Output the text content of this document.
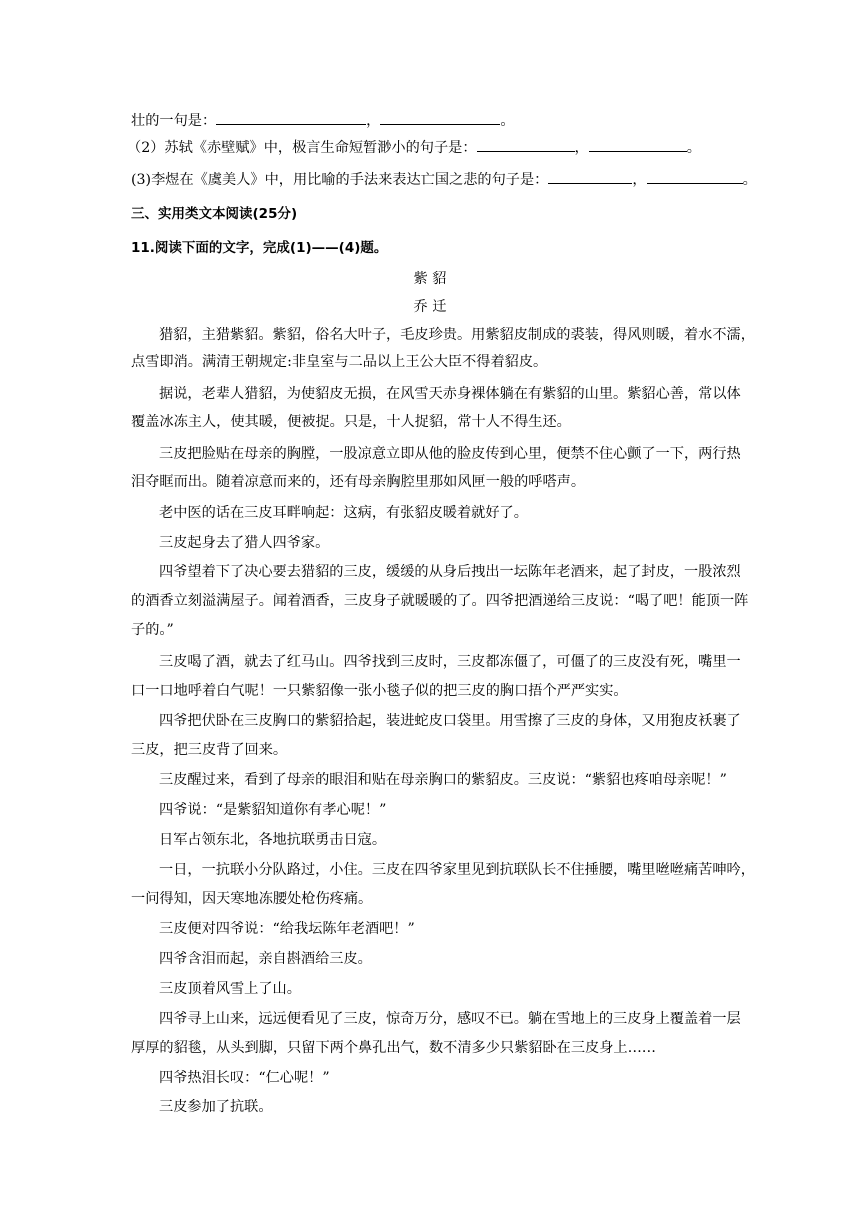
壮的一句是：	，	。
（2）苏轼《赤壁赋》中，极言生命短暂渺小的句子是：	，	。
(3)李煜在《虞美人》中，用比喻的手法来表达亡国之悲的句子是：	，	。
三、实用类文本阅读(25分)
11.阅读下面的文字，完成(1)——(4)题。
紫 貂
乔 迁
猎貂，主猎紫貂。紫貂，俗名大叶子，毛皮珍贵。用紫貂皮制成的裘装，得风则暖，着水不濡，
点雪即消。满清王朝规定:非皇室与二品以上王公大臣不得着貂皮。
据说，老辈人猎貂，为使貂皮无损，在风雪天赤身裸体躺在有紫貂的山里。紫貂心善，常以体
覆盖冰冻主人，使其暖，便被捉。只是，十人捉貂，常十人不得生还。
三皮把脸贴在母亲的胸膛，一股凉意立即从他的脸皮传到心里，便禁不住心颤了一下，两行热
泪夺眶而出。随着凉意而来的，还有母亲胸腔里那如风匣一般的呼嗒声。
老中医的话在三皮耳畔响起：这病，有张貂皮暖着就好了。
三皮起身去了猎人四爷家。
四爷望着下了决心要去猎貂的三皮，缓缓的从身后拽出一坛陈年老酒来，起了封皮，一股浓烈
的酒香立刻溢满屋子。闻着酒香，三皮身子就暖暖的了。四爷把酒递给三皮说：“喝了吧！能顶一阵
子的。”
三皮喝了酒，就去了红马山。四爷找到三皮时，三皮都冻僵了，可僵了的三皮没有死，嘴里一
口一口地呼着白气呢！一只紫貂像一张小毯子似的把三皮的胸口捂个严严实实。
四爷把伏卧在三皮胸口的紫貂拾起，装进蛇皮口袋里。用雪擦了三皮的身体，又用狍皮袄裹了
三皮，把三皮背了回来。
三皮醒过来，看到了母亲的眼泪和贴在母亲胸口的紫貂皮。三皮说：“紫貂也疼咱母亲呢！”
四爷说：“是紫貂知道你有孝心呢！”
日军占领东北，各地抗联勇击日寇。
一日，一抗联小分队路过，小住。三皮在四爷家里见到抗联队长不住捶腰，嘴里咝咝痛苦呻吟，
一问得知，因天寒地冻腰处枪伤疼痛。
三皮便对四爷说：“给我坛陈年老酒吧！”
四爷含泪而起，亲自斟酒给三皮。
三皮顶着风雪上了山。
四爷寻上山来，远远便看见了三皮，惊奇万分，感叹不已。躺在雪地上的三皮身上覆盖着一层
厚厚的貂毯，从头到脚，只留下两个鼻孔出气，数不清多少只紫貂卧在三皮身上……
四爷热泪长叹：“仁心呢！”
三皮参加了抗联。
